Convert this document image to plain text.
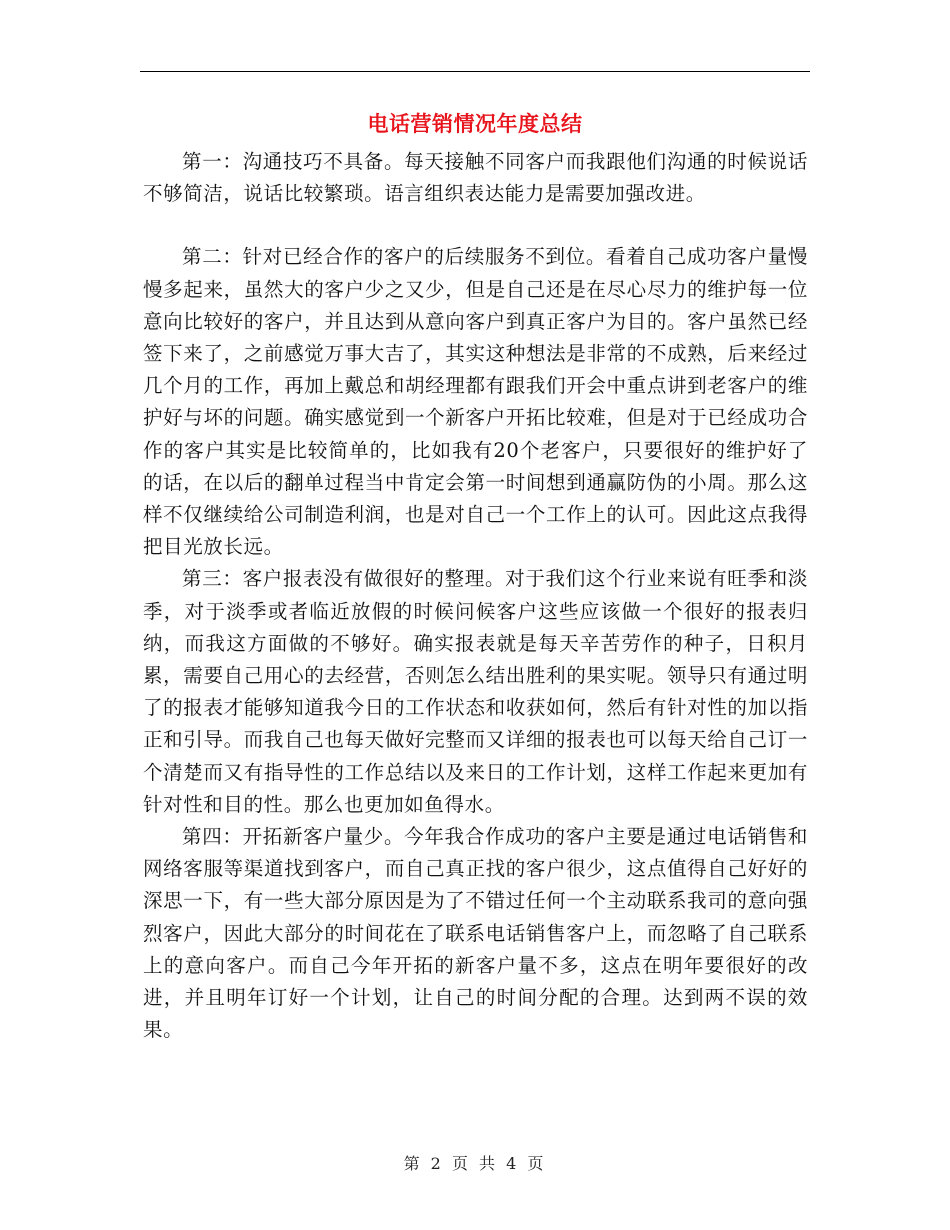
电话营销情况年度总结

第一：沟通技巧不具备。每天接触不同客户而我跟他们沟通的时候说话不够简洁，说话比较繁琐。语言组织表达能力是需要加强改进。

第二：针对已经合作的客户的后续服务不到位。看着自己成功客户量慢慢多起来，虽然大的客户少之又少，但是自己还是在尽心尽力的维护每一位意向比较好的客户，并且达到从意向客户到真正客户为目的。客户虽然已经签下来了，之前感觉万事大吉了，其实这种想法是非常的不成熟，后来经过几个月的工作，再加上戴总和胡经理都有跟我们开会中重点讲到老客户的维护好与坏的问题。确实感觉到一个新客户开拓比较难，但是对于已经成功合作的客户其实是比较简单的，比如我有20个老客户，只要很好的维护好了的话，在以后的翻单过程当中肯定会第一时间想到通赢防伪的小周。那么这样不仅继续给公司制造利润，也是对自己一个工作上的认可。因此这点我得把目光放长远。

第三：客户报表没有做很好的整理。对于我们这个行业来说有旺季和淡季，对于淡季或者临近放假的时候问候客户这些应该做一个很好的报表归纳，而我这方面做的不够好。确实报表就是每天辛苦劳作的种子，日积月累，需要自己用心的去经营，否则怎么结出胜利的果实呢。领导只有通过明了的报表才能够知道我今日的工作状态和收获如何，然后有针对性的加以指正和引导。而我自己也每天做好完整而又详细的报表也可以每天给自己订一个清楚而又有指导性的工作总结以及来日的工作计划，这样工作起来更加有针对性和目的性。那么也更加如鱼得水。

第四：开拓新客户量少。今年我合作成功的客户主要是通过电话销售和网络客服等渠道找到客户，而自己真正找的客户很少，这点值得自己好好的深思一下，有一些大部分原因是为了不错过任何一个主动联系我司的意向强烈客户，因此大部分的时间花在了联系电话销售客户上，而忽略了自己联系上的意向客户。而自己今年开拓的新客户量不多，这点在明年要很好的改进，并且明年订好一个计划，让自己的时间分配的合理。达到两不误的效果。

第 2 页 共 4 页
